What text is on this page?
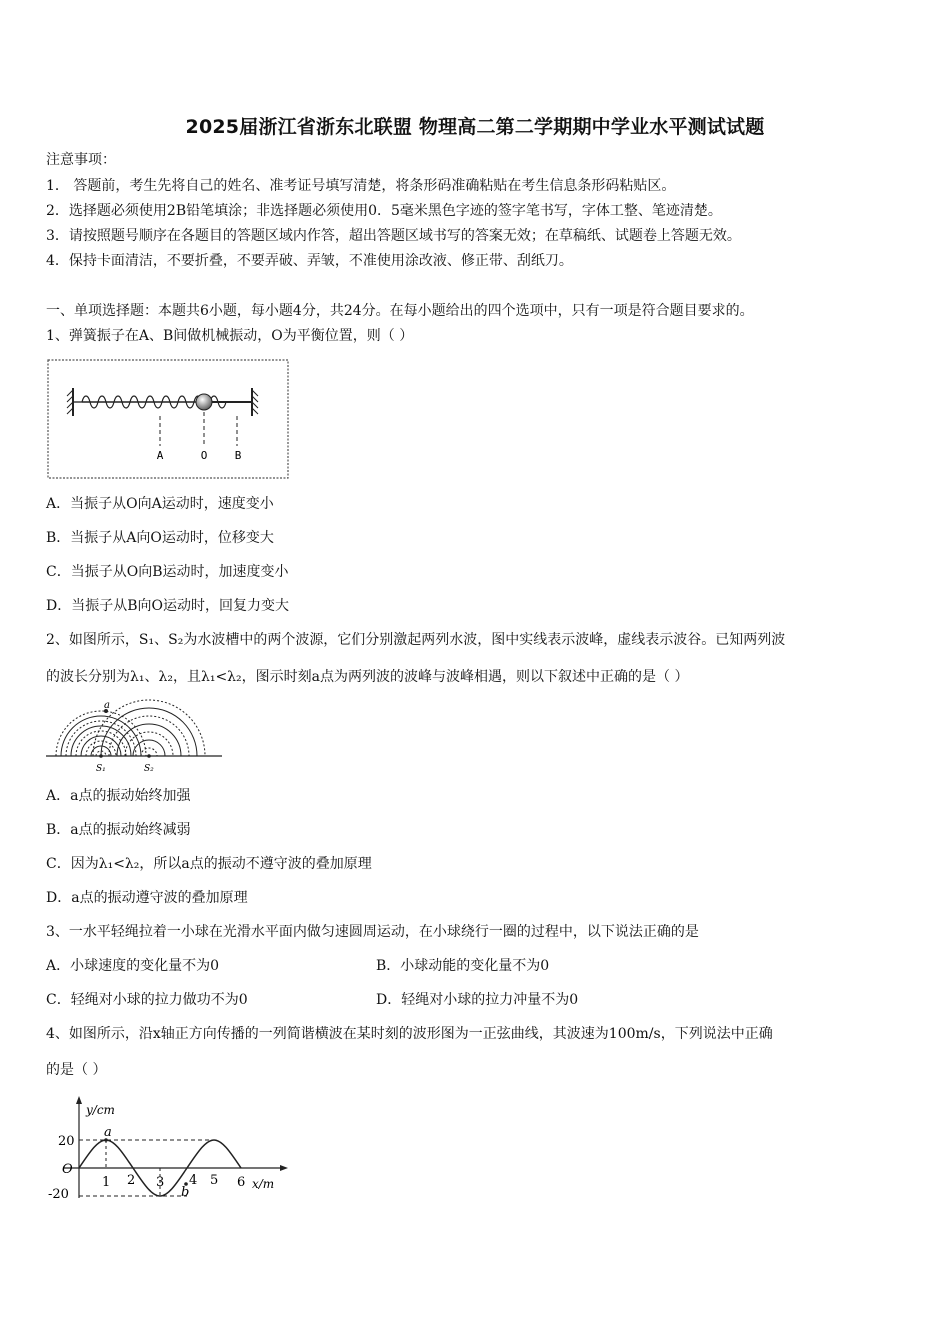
2025届浙江省浙东北联盟 物理高二第二学期期中学业水平测试试题
注意事项：
1． 答题前，考生先将自己的姓名、准考证号填写清楚，将条形码准确粘贴在考生信息条形码粘贴区。
2．选择题必须使用2B铅笔填涂；非选择题必须使用0．5毫米黑色字迹的签字笔书写，字体工整、笔迹清楚。
3．请按照题号顺序在各题目的答题区域内作答，超出答题区域书写的答案无效；在草稿纸、试题卷上答题无效。
4．保持卡面清洁，不要折叠，不要弄破、弄皱，不准使用涂改液、修正带、刮纸刀。
一、单项选择题：本题共6小题，每小题4分，共24分。在每小题给出的四个选项中，只有一项是符合题目要求的。
1、弹簧振子在A、B间做机械振动，O为平衡位置，则（ ）
A	O B
A．当振子从O向A运动时，速度变小
B．当振子从A向O运动时，位移变大
C．当振子从O向B运动时，加速度变小
D．当振子从B向O运动时，回复力变大
2、如图所示，S₁、S₂为水波槽中的两个波源，它们分别激起两列水波，图中实线表示波峰，虚线表示波谷。已知两列波
的波长分别为λ₁、λ₂，且λ₁<λ₂，图示时刻a点为两列波的波峰与波峰相遇，则以下叙述中正确的是（ ）
a
S₁	S₂
A．a点的振动始终加强
B．a点的振动始终减弱
C．因为λ₁<λ₂，所以a点的振动不遵守波的叠加原理
D．a点的振动遵守波的叠加原理
3、一水平轻绳拉着一小球在光滑水平面内做匀速圆周运动，在小球绕行一圈的过程中，以下说法正确的是
A．小球速度的变化量不为0	B．小球动能的变化量不为0
C．轻绳对小球的拉力做功不为0	D．轻绳对小球的拉力冲量不为0
4、如图所示，沿x轴正方向传播的一列简谐横波在某时刻的波形图为一正弦曲线，其波速为100m/s，下列说法中正确
的是（ ）
y/cm
x/m
O
20
-20
1 2 3 4 5 6
a
b
